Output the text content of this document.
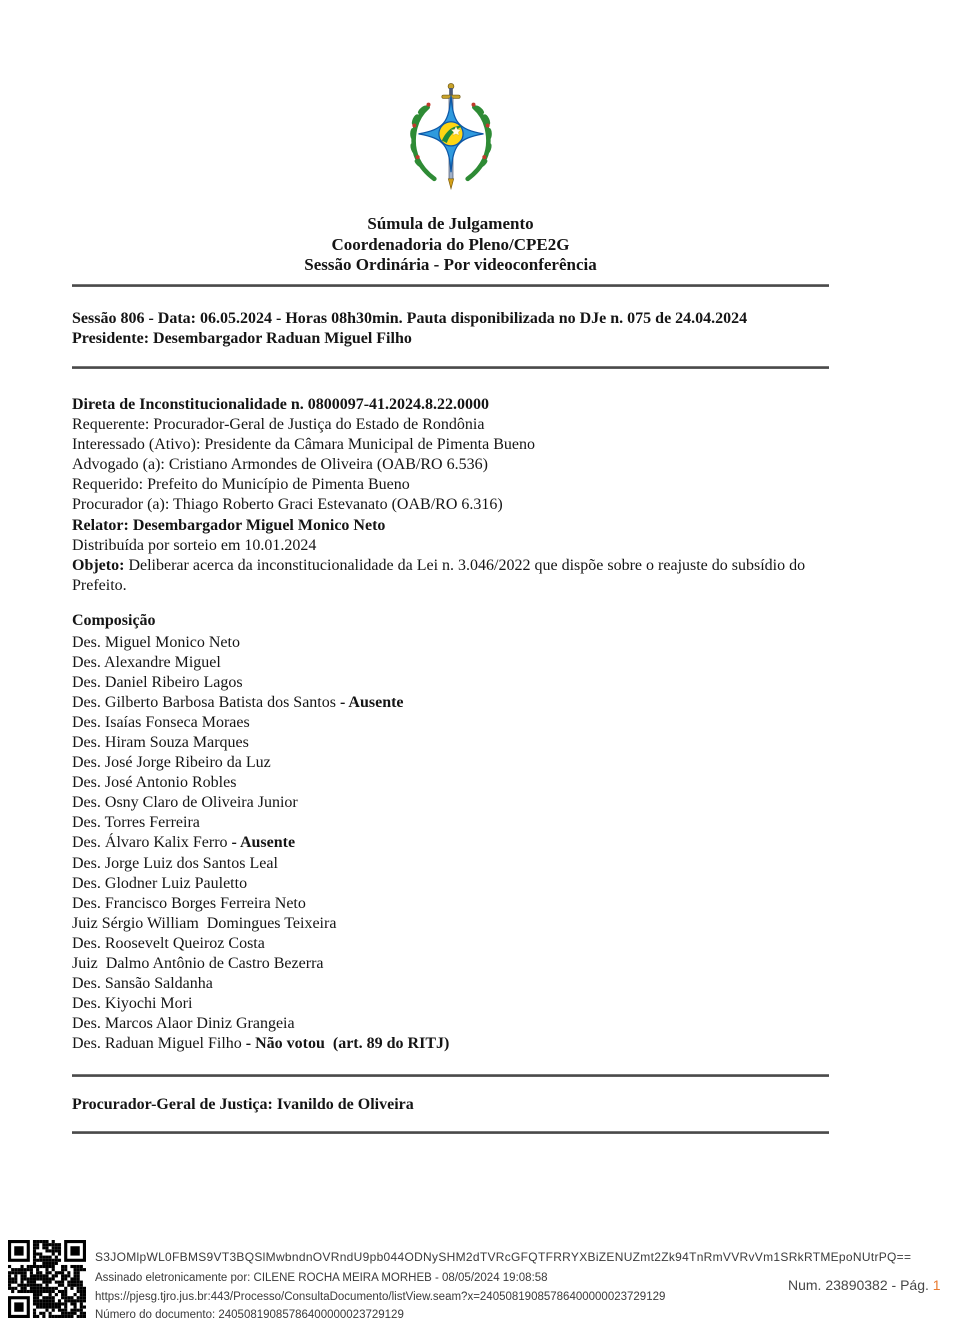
Súmula de Julgamento

Coordenadoria do Pleno/CPE2G

Sessão Ordinária - Por videoconferência

Sessão 806 - Data: 06.05.2024 - Horas 08h30min. Pauta disponibilizada no DJe n. 075 de 24.04.2024

Presidente: Desembargador Raduan Miguel Filho

Direta de Inconstitucionalidade n. 0800097-41.2024.8.22.0000

Requerente: Procurador-Geral de Justiça do Estado de Rondônia

Interessado (Ativo): Presidente da Câmara Municipal de Pimenta Bueno

Advogado (a): Cristiano Armondes de Oliveira (OAB/RO 6.536)

Requerido: Prefeito do Município de Pimenta Bueno

Procurador (a): Thiago Roberto Graci Estevanato (OAB/RO 6.316)

Relator: Desembargador Miguel Monico Neto

Distribuída por sorteio em 10.01.2024

Objeto: Deliberar acerca da inconstitucionalidade da Lei n. 3.046/2022 que dispõe sobre o reajuste do subsídio do Prefeito.

Composição

Des. Miguel Monico Neto
Des. Alexandre Miguel
Des. Daniel Ribeiro Lagos
Des. Gilberto Barbosa Batista dos Santos - Ausente
Des. Isaías Fonseca Moraes
Des. Hiram Souza Marques
Des. José Jorge Ribeiro da Luz
Des. José Antonio Robles
Des. Osny Claro de Oliveira Junior
Des. Torres Ferreira
Des. Álvaro Kalix Ferro - Ausente
Des. Jorge Luiz dos Santos Leal
Des. Glodner Luiz Pauletto
Des. Francisco Borges Ferreira Neto
Juiz Sérgio William  Domingues Teixeira
Des. Roosevelt Queiroz Costa
Juiz  Dalmo Antônio de Castro Bezerra
Des. Sansão Saldanha
Des. Kiyochi Mori
Des. Marcos Alaor Diniz Grangeia
Des. Raduan Miguel Filho - Não votou  (art. 89 do RITJ)

Procurador-Geral de Justiça: Ivanildo de Oliveira

S3JOMlpWL0FBMS9VT3BQSlMwbndnOVRndU9pb044ODNySHM2dTVRcGFQTFRRYXBiZENUZmt2Zk94TnRmVVRvVm1SRkRTMEpoNUtrPQ==

Assinado eletronicamente por: CILENE ROCHA MEIRA MORHEB - 08/05/2024 19:08:58

https://pjesg.tjro.jus.br:443/Processo/ConsultaDocumento/listView.seam?x=24050819085786400000023729129

Número do documento: 24050819085786400000023729129

Num. 23890382 - Pág. 1
